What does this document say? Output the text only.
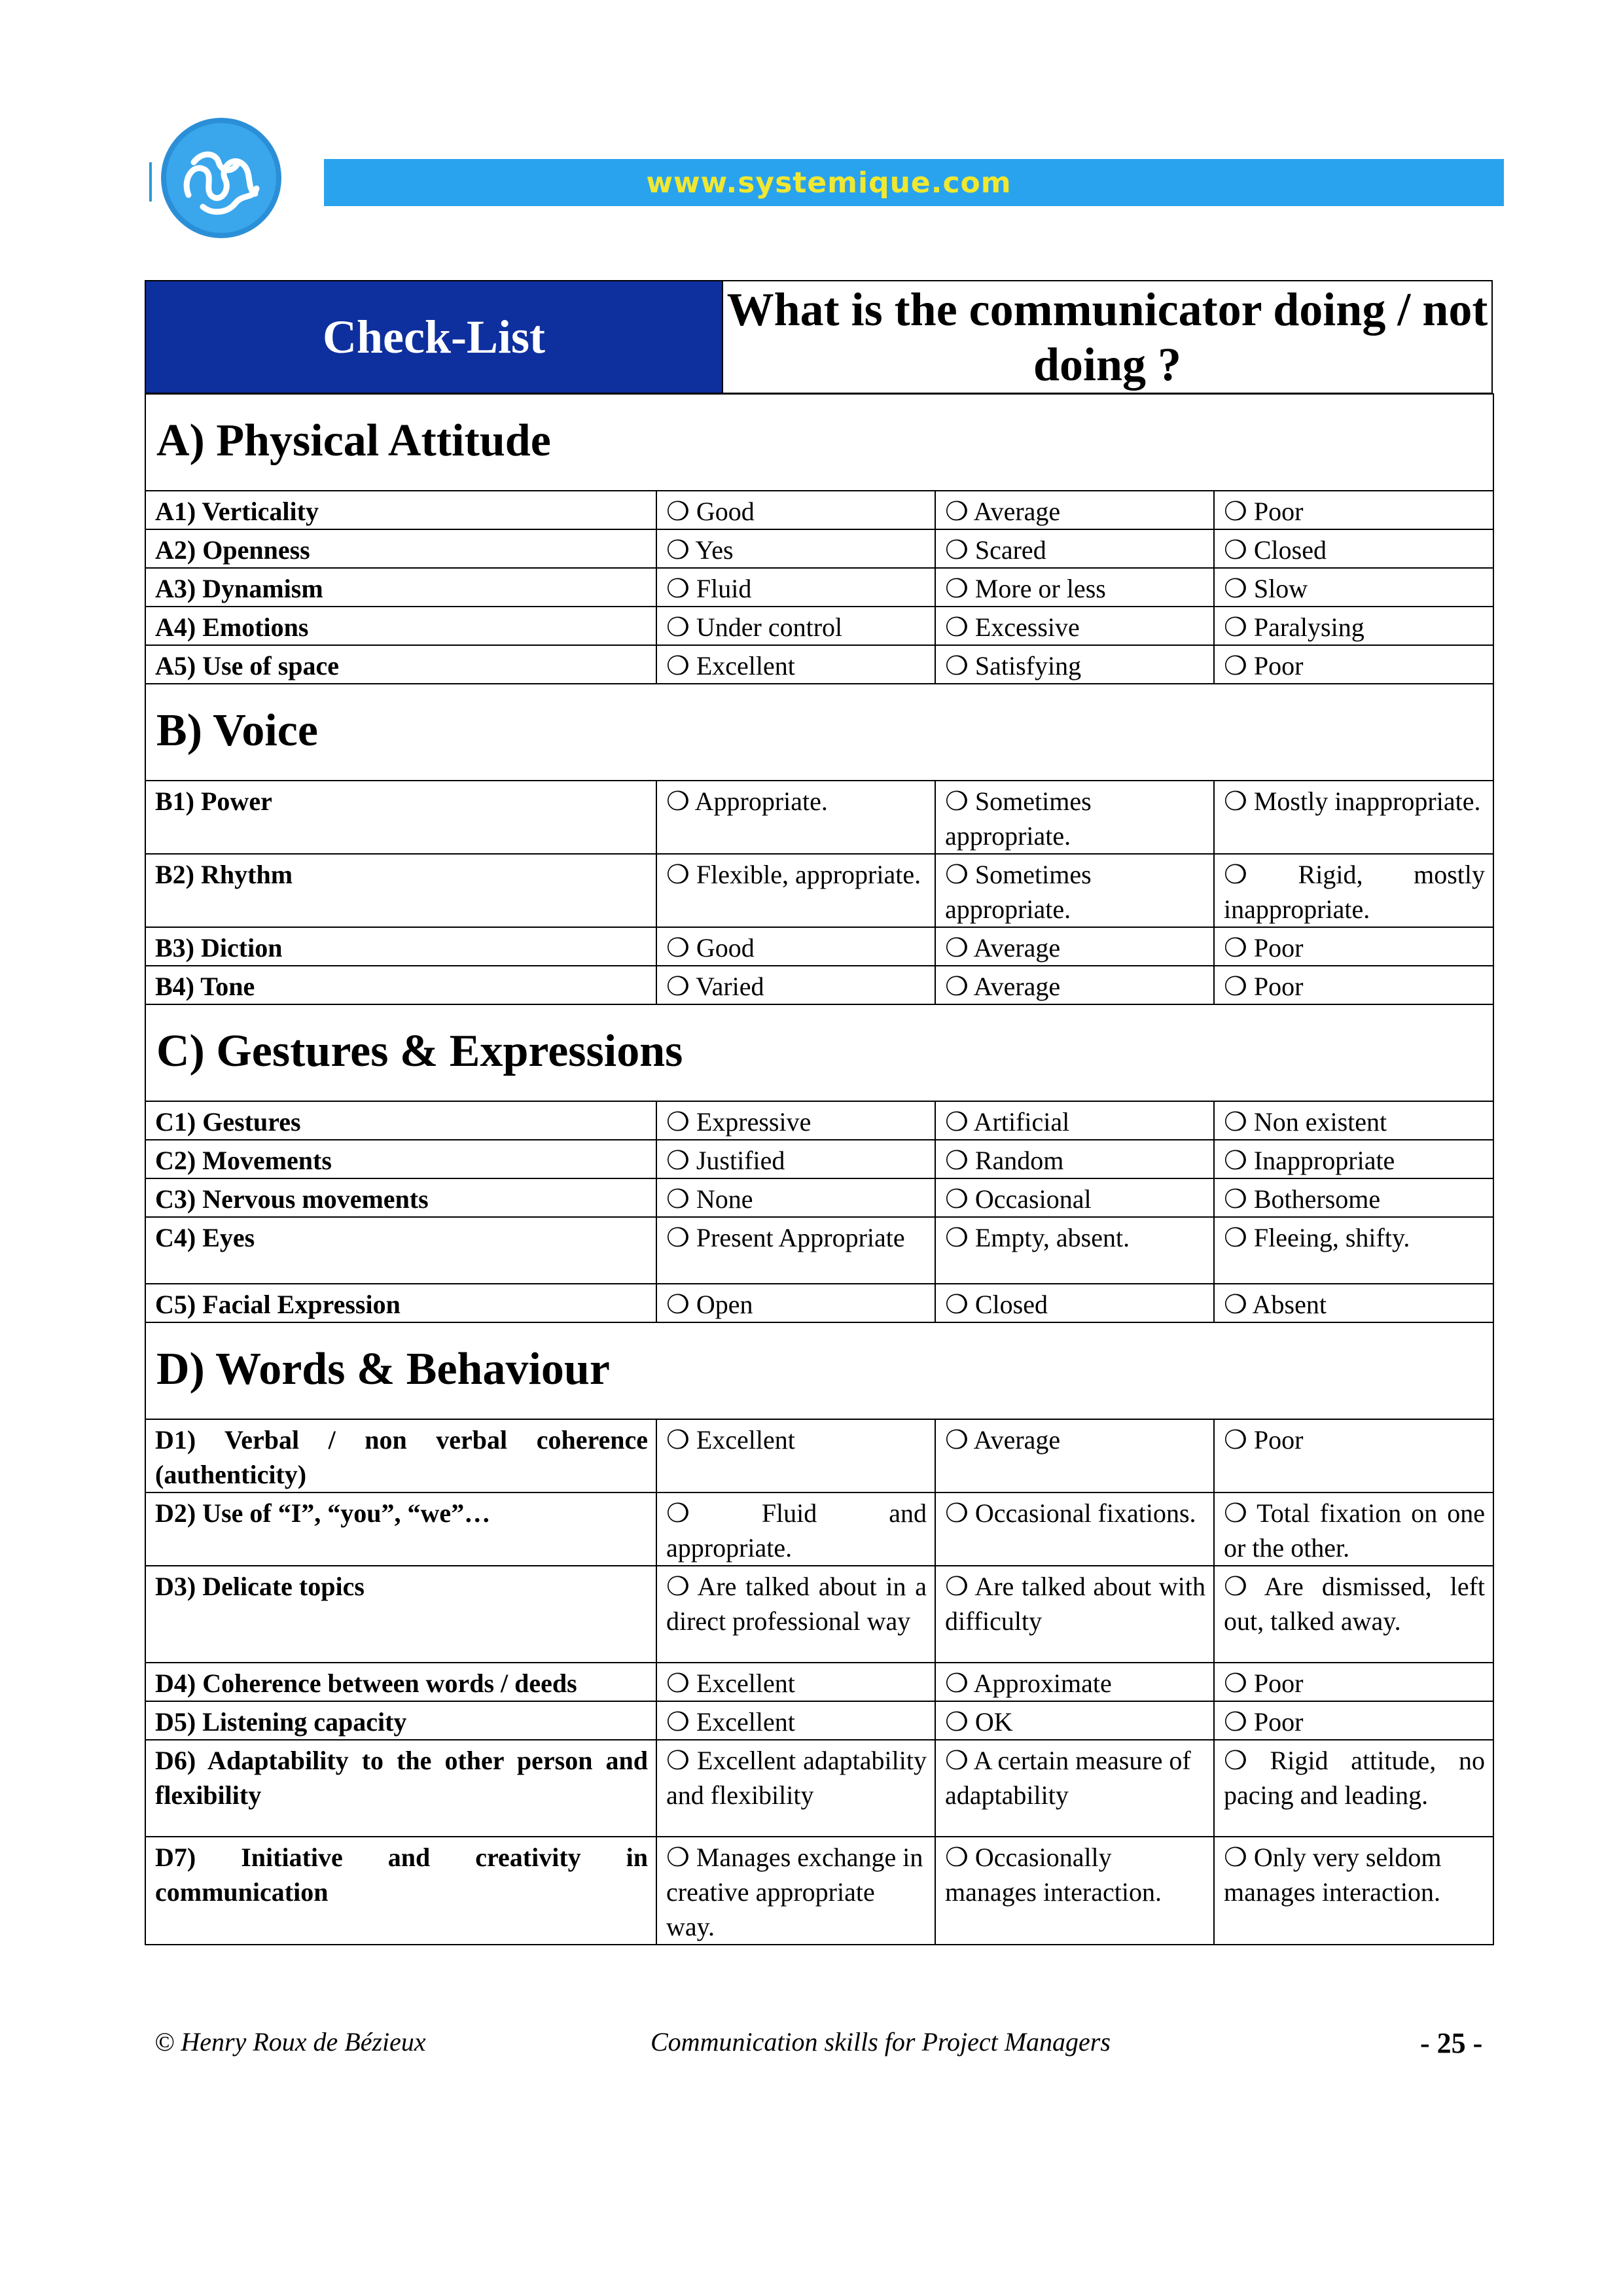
www.systemique.com
Check-List
What is the communicator doing / not doing ?
A) Physical Attitude			
A1) Verticality	❍ Good	❍ Average	❍ Poor
A2) Openness	❍ Yes	❍ Scared	❍ Closed
A3) Dynamism	❍ Fluid	❍ More or less	❍ Slow
A4) Emotions	❍ Under control	❍ Excessive	❍ Paralysing
A5) Use of space	❍ Excellent	❍ Satisfying	❍ Poor
B) Voice			
B1) Power	❍ Appropriate.	❍ Sometimes appropriate.	❍ Mostly inappropriate.
B2) Rhythm	❍ Flexible, appropriate.	❍ Sometimes appropriate.	❍ Rigid, mostly inappropriate.
B3) Diction	❍ Good	❍ Average	❍ Poor
B4) Tone	❍ Varied	❍ Average	❍ Poor
C) Gestures & Expressions			
C1) Gestures	❍ Expressive	❍ Artificial	❍ Non existent
C2) Movements	❍ Justified	❍ Random	❍ Inappropriate
C3) Nervous movements	❍ None	❍ Occasional	❍ Bothersome
C4) Eyes	❍ Present Appropriate	❍ Empty, absent.	❍ Fleeing, shifty.
C5) Facial Expression	❍ Open	❍ Closed	❍ Absent
D) Words & Behaviour			
D1) Verbal / non verbal coherence (authenticity)	❍ Excellent	❍ Average	❍ Poor
D2) Use of “I”, “you”, “we”…	❍ Fluid and appropriate.	❍ Occasional fixations.	❍ Total fixation on one or the other.
D3) Delicate topics	❍ Are talked about in a direct professional way	❍ Are talked about with difficulty	❍ Are dismissed, left out, talked away.
D4) Coherence between words / deeds	❍ Excellent	❍ Approximate	❍ Poor
D5) Listening capacity	❍ Excellent	❍ OK	❍ Poor
D6) Adaptability to the other person and flexibility	❍ Excellent adaptability and flexibility	❍ A certain measure of adaptability	❍ Rigid attitude, no pacing and leading.
D7) Initiative and creativity in communication	❍ Manages exchange in creative appropriate way.	❍ Occasionally manages interaction.	❍ Only very seldom manages interaction.
© Henry Roux de Bézieux	Communication skills for Project Managers	- 25 -
